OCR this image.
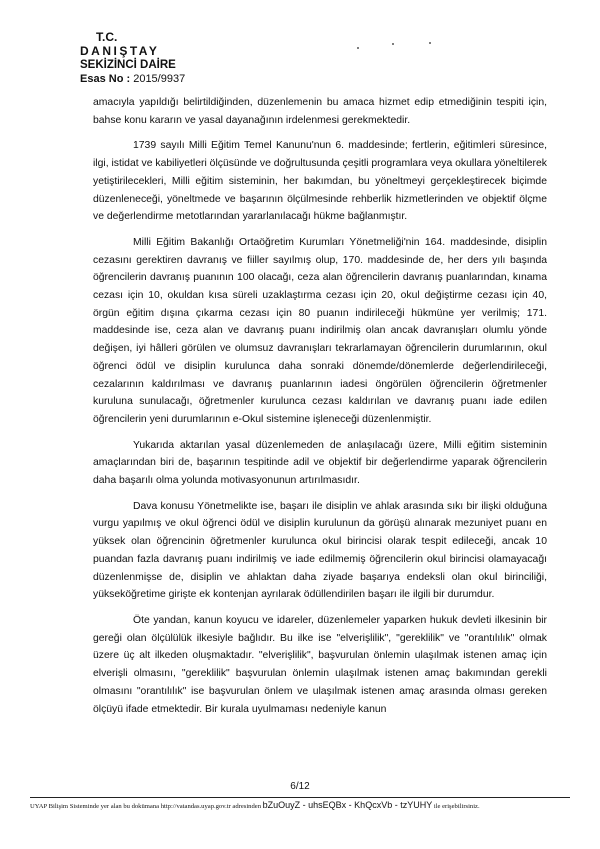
T.C.
DANIŞTAY
SEKİZİNCİ DAİRE
Esas No : 2015/9937

amacıyla yapıldığı belirtildiğinden, düzenlemenin bu amaca hizmet edip etmediğinin tespiti için, bahse konu kararın ve yasal dayanağının irdelenmesi gerekmektedir.

1739 sayılı Milli Eğitim Temel Kanunu'nun 6. maddesinde; fertlerin, eğitimleri süresince, ilgi, istidat ve kabiliyetleri ölçüsünde ve doğrultusunda çeşitli programlara veya okullara yöneltilerek yetiştirilecekleri, Milli eğitim sisteminin, her bakımdan, bu yöneltmeyi gerçekleştirecek biçimde düzenleneceği, yöneltmede ve başarının ölçülmesinde rehberlik hizmetlerinden ve objektif ölçme ve değerlendirme metotlarından yararlanılacağı hükme bağlanmıştır.

Milli Eğitim Bakanlığı Ortaöğretim Kurumları Yönetmeliği'nin 164. maddesinde, disiplin cezasını gerektiren davranış ve fiiller sayılmış olup, 170. maddesinde de, her ders yılı başında öğrencilerin davranış puanının 100 olacağı, ceza alan öğrencilerin davranış puanlarından, kınama cezası için 10, okuldan kısa süreli uzaklaştırma cezası için 20, okul değiştirme cezası için 40, örgün eğitim dışına çıkarma cezası için 80 puanın indirileceği hükmüne yer verilmiş; 171. maddesinde ise, ceza alan ve davranış puanı indirilmiş olan ancak davranışları olumlu yönde değişen, iyi hâlleri görülen ve olumsuz davranışları tekrarlamayan öğrencilerin durumlarının, okul öğrenci ödül ve disiplin kurulunca daha sonraki dönemde/dönemlerde değerlendirileceği, cezalarının kaldırılması ve davranış puanlarının iadesi öngörülen öğrencilerin öğretmenler kuruluna sunulacağı, öğretmenler kurulunca cezası kaldırılan ve davranış puanı iade edilen öğrencilerin yeni durumlarının e-Okul sistemine işleneceği düzenlenmiştir.

Yukarıda aktarılan yasal düzenlemeden de anlaşılacağı üzere, Milli eğitim sisteminin amaçlarından biri de, başarının tespitinde adil ve objektif bir değerlendirme yaparak öğrencilerin daha başarılı olma yolunda motivasyonunun artırılmasıdır.

Dava konusu Yönetmelikte ise, başarı ile disiplin ve ahlak arasında sıkı bir ilişki olduğuna vurgu yapılmış ve okul öğrenci ödül ve disiplin kurulunun da görüşü alınarak mezuniyet puanı en yüksek olan öğrencinin öğretmenler kurulunca okul birincisi olarak tespit edileceği, ancak 10 puandan fazla davranış puanı indirilmiş ve iade edilmemiş öğrencilerin okul birincisi olamayacağı düzenlenmişse de, disiplin ve ahlaktan daha ziyade başarıya endeksli olan okul birinciliği, yükseköğretime girişte ek kontenjan ayrılarak ödüllendirilen başarı ile ilgili bir durumdur.

Öte yandan, kanun koyucu ve idareler, düzenlemeler yaparken hukuk devleti ilkesinin bir gereği olan ölçülülük ilkesiyle bağlıdır. Bu ilke ise "elverişlilik", "gereklilik" ve "orantılılık" olmak üzere üç alt ilkeden oluşmaktadır. "elverişlilik", başvurulan önlemin ulaşılmak istenen amaç için elverişli olmasını, "gereklilik" başvurulan önlemin ulaşılmak istenen amaç bakımından gerekli olmasını "orantılılık" ise başvurulan önlem ve ulaşılmak istenen amaç arasında olması gereken ölçüyü ifade etmektedir. Bir kurala uyulmaması nedeniyle kanun

6/12
UYAP Bilişim Sisteminde yer alan bu dokümana http://vatandas.uyap.gov.tr adresinden bZuOuyZ - uhsEQBx - KhQcxVb - tzYUHY ile erişebilirsiniz.
